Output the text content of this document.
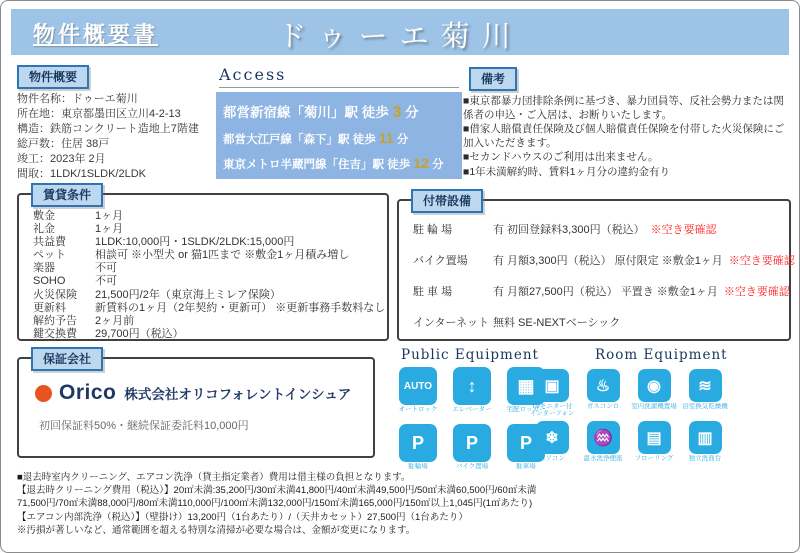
物件概要書	ドゥーエ菊川
物件概要
物件名称：ドゥーエ菊川
所在地：東京都墨田区立川4-2-13
構造：鉄筋コンクリート造地上7階建
総戸数：住居 38戸
竣工：2023年 2月
間取：1LDK/1SLDK/2LDK
Access
都営新宿線「菊川」駅 徒歩 3 分
都営大江戸線「森下」駅 徒歩 11 分
東京メトロ半蔵門線「住吉」駅 徒歩 12 分
備考
■東京都暴力団排除条例に基づき、暴力団員等、反社会勢力または関係者の申込・ご入居は、お断りいたします。
■借家人賠償責任保険及び個人賠償責任保険を付帯した火災保険にご加入いただきます。
■セカンドハウスのご利用は出来ません。
■1年未満解約時、賃料1ヶ月分の違約金有り
賃貸条件
敷金	1ヶ月
礼金	1ヶ月
共益費	1LDK:10,000円・1SLDK/2LDK:15,000円
ペット	相談可 ※小型犬 or 猫1匹まで ※敷金1ヶ月積み増し
楽器	不可
SOHO	不可
火災保険	21,500円/2年（東京海上ミレア保険）
更新料	新賃料の1ヶ月（2年契約・更新可） ※更新事務手数料なし
解約予告	2ヶ月前
鍵交換費	29,700円（税込）
付帯設備
駐 輪 場	有 初回登録料3,300円（税込） ※空き要確認
バイク置場	有 月額3,300円（税込） 原付限定 ※敷金1ヶ月 ※空き要確認
駐 車 場	有 月額27,500円（税込） 平置き ※敷金1ヶ月 ※空き要確認
インターネット 無料 SE-NEXTベーシック
保証会社
Orico 株式会社オリコフォレントインシュア
初回保証料50%・継続保証委託料10,000円
Public Equipment
AUTO
オートロック
↕
エレベーター
▦
宅配ロッカー
P
駐輪場
P
バイク置場
P
駐車場
Room Equipment
▣
TVモニター付インターフォン
♨
ガスコンロ
◉
室内洗濯機置場
≋
浴室換気乾燥機
❄
エアコン
♒
温水洗浄便座
▤
フローリング
▥
独立洗面台
■退去時室内クリーニング、エアコン洗浄（貸主指定業者）費用は借主様の負担となります。
【退去時クリーニング費用（税込）】20㎡未満:35,200円/30㎡未満41,800円/40㎡未満49,500円/50㎡未満60,500円/60㎡未満
71,500円/70㎡未満88,000円/80㎡未満110,000円/100㎡未満132,000円/150㎡未満165,000円/150㎡以上1,045円(1㎡あたり)
【エアコン内部洗浄（税込）】（壁掛け）13,200円（1台あたり）/（天井カセット）27,500円（1台あたり）
※汚損が著しいなど、通常範囲を超える特別な清掃が必要な場合は、金額が変更になります。
